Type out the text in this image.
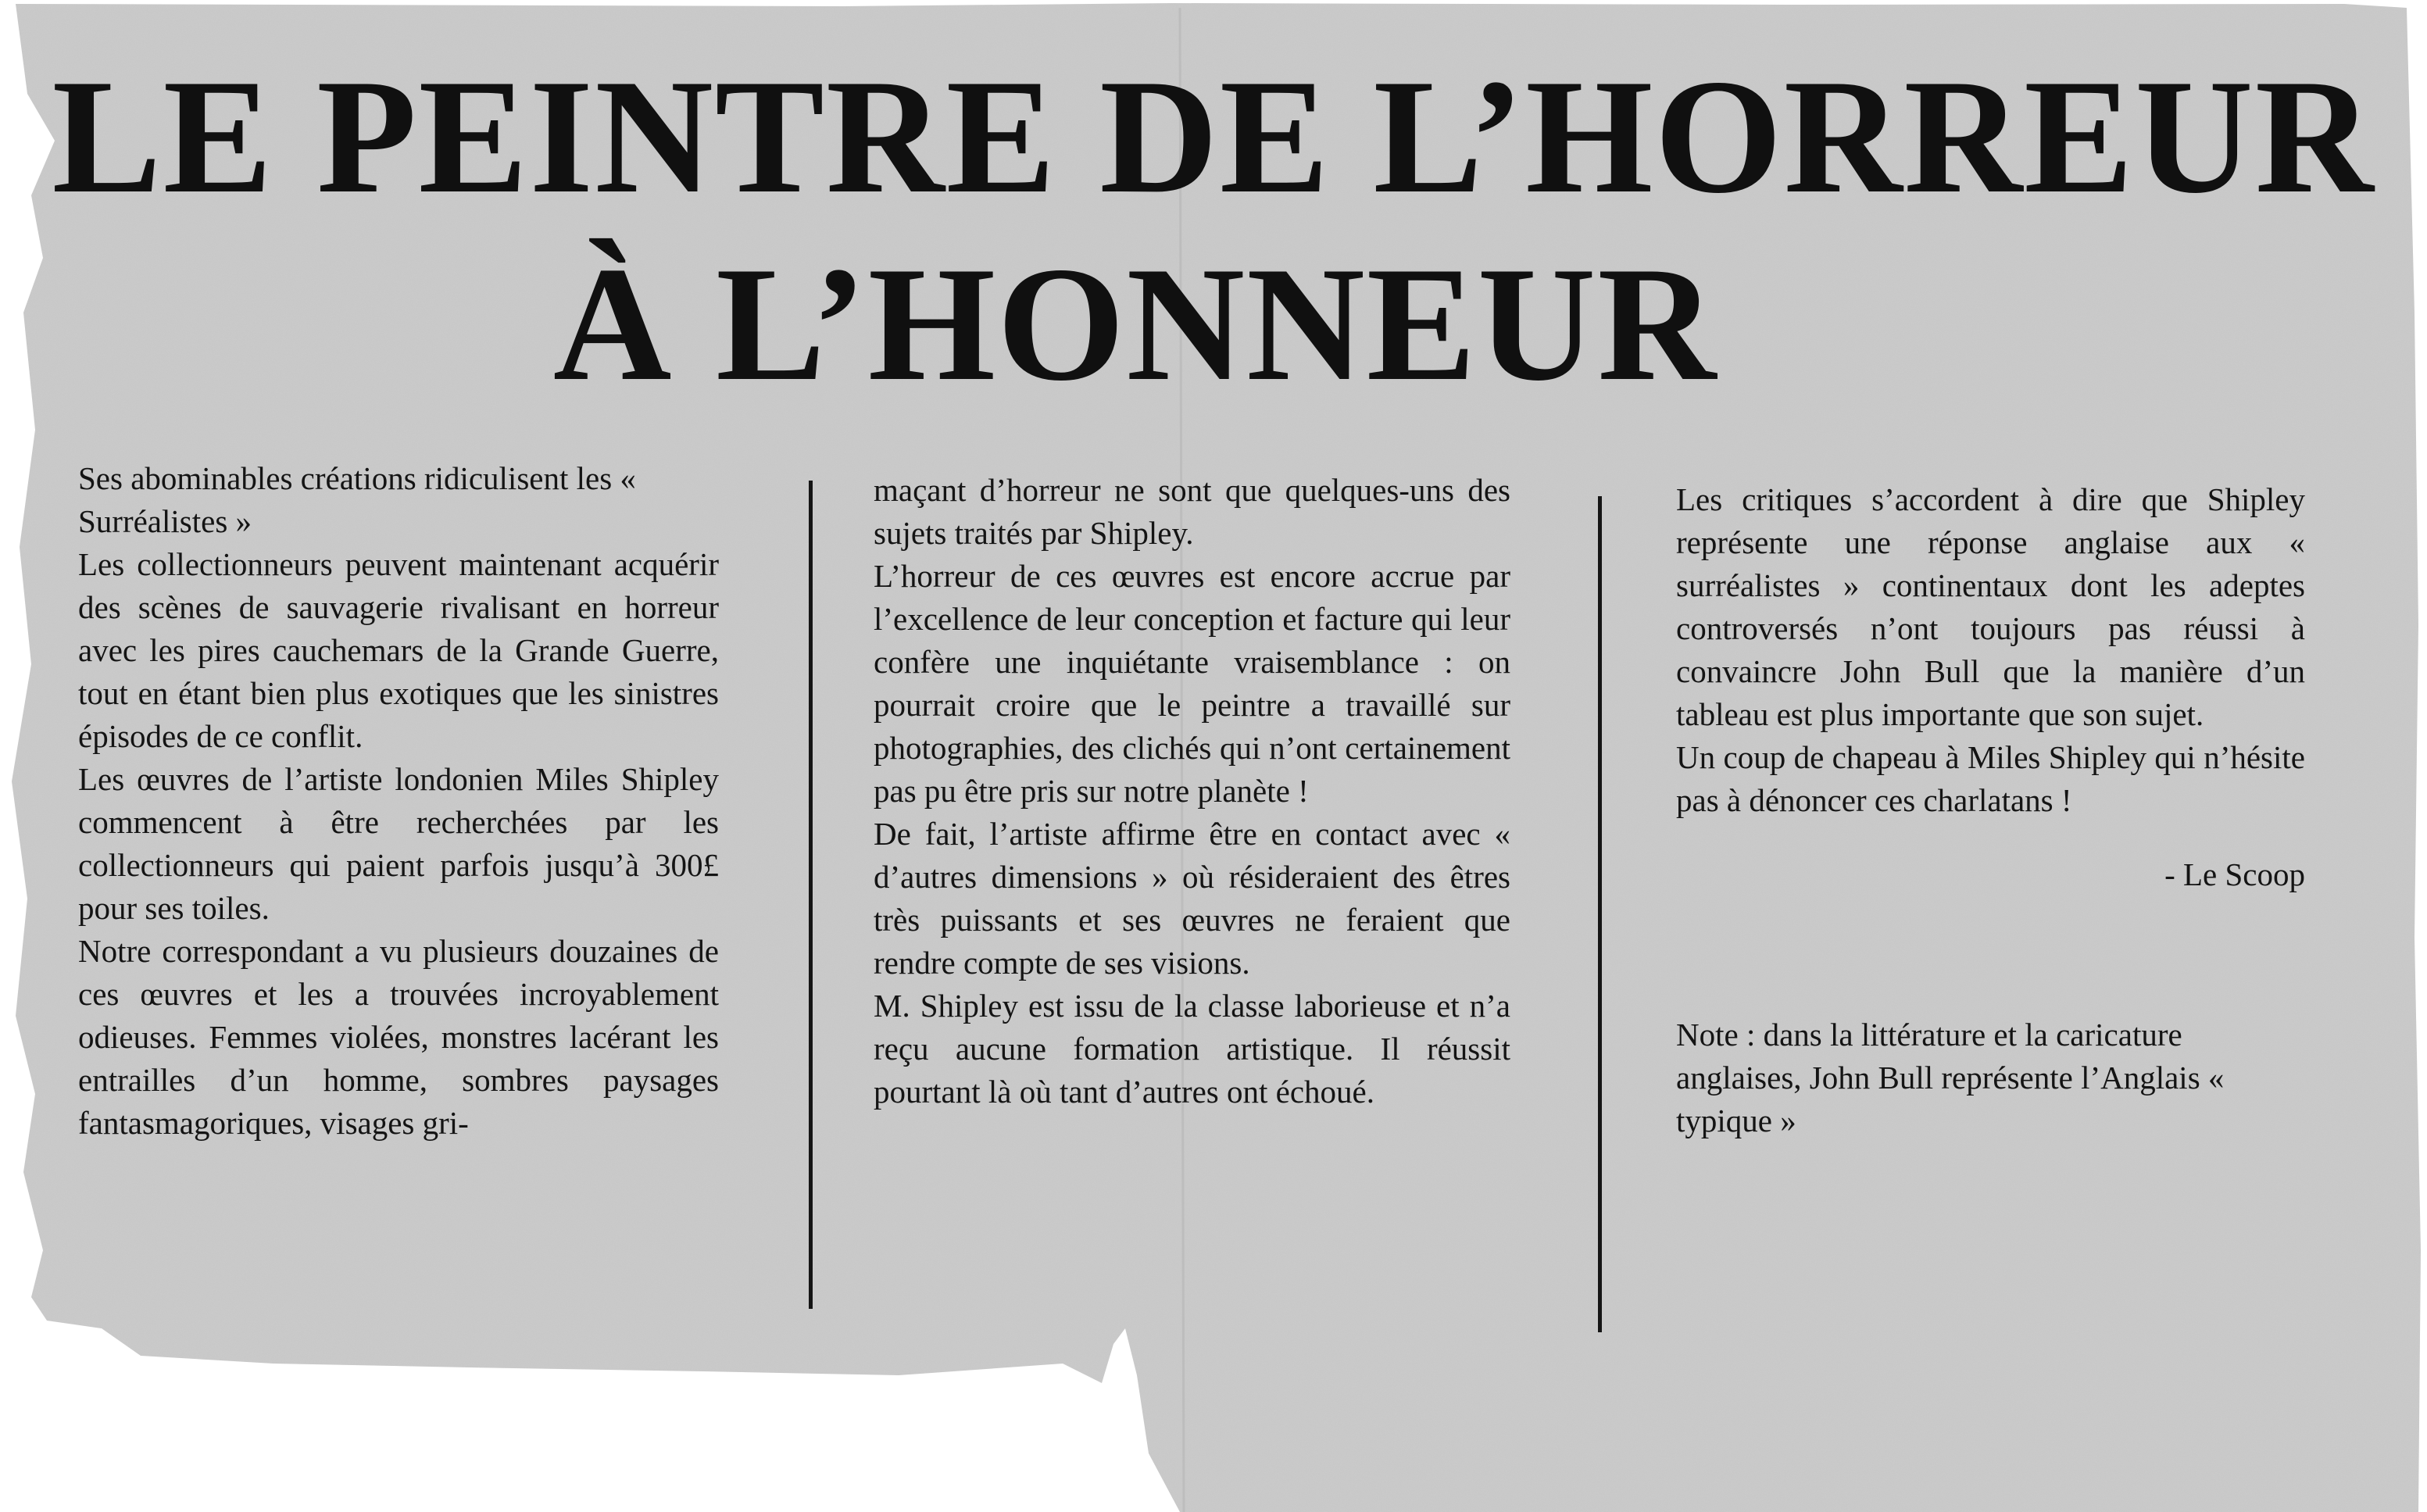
LE PEINTRE DE L’HORREUR
À L’HONNEUR

Ses abominables créations ridiculisent les « Surréalistes »

Les collectionneurs peuvent maintenant acquérir des scènes de sauvagerie rivalisant en horreur avec les pires cauchemars de la Grande Guerre, tout en étant bien plus exotiques que les sinistres épisodes de ce conflit.

Les œuvres de l’artiste londonien Miles Shipley commencent à être recherchées par les collectionneurs qui paient parfois jusqu’à 300£ pour ses toiles.

Notre correspondant a vu plusieurs douzaines de ces œuvres et les a trouvées incroyablement odieuses. Femmes violées, monstres lacérant les entrailles d’un homme, sombres paysages fantasmagoriques, visages gri-

maçant d’horreur ne sont que quelques-uns des sujets traités par Shipley.

L’horreur de ces œuvres est encore accrue par l’excellence de leur conception et facture qui leur confère une inquiétante vraisemblance : on pourrait croire que le peintre a travaillé sur photographies, des clichés qui n’ont certainement pas pu être pris sur notre planète !

De fait, l’artiste affirme être en contact avec « d’autres dimensions » où résideraient des êtres très puissants et ses œuvres ne feraient que rendre compte de ses visions.

M. Shipley est issu de la classe laborieuse et n’a reçu aucune formation artistique. Il réussit pourtant là où tant d’autres ont échoué.

Les critiques s’accordent à dire que Shipley représente une réponse anglaise aux « surréalistes » continentaux dont les adeptes controversés n’ont toujours pas réussi à convaincre John Bull que la manière d’un tableau est plus importante que son sujet.

Un coup de chapeau à Miles Shipley qui n’hésite pas à dénoncer ces charlatans !

- Le Scoop

Note : dans la littérature et la caricature anglaises, John Bull représente l’Anglais « typique »
